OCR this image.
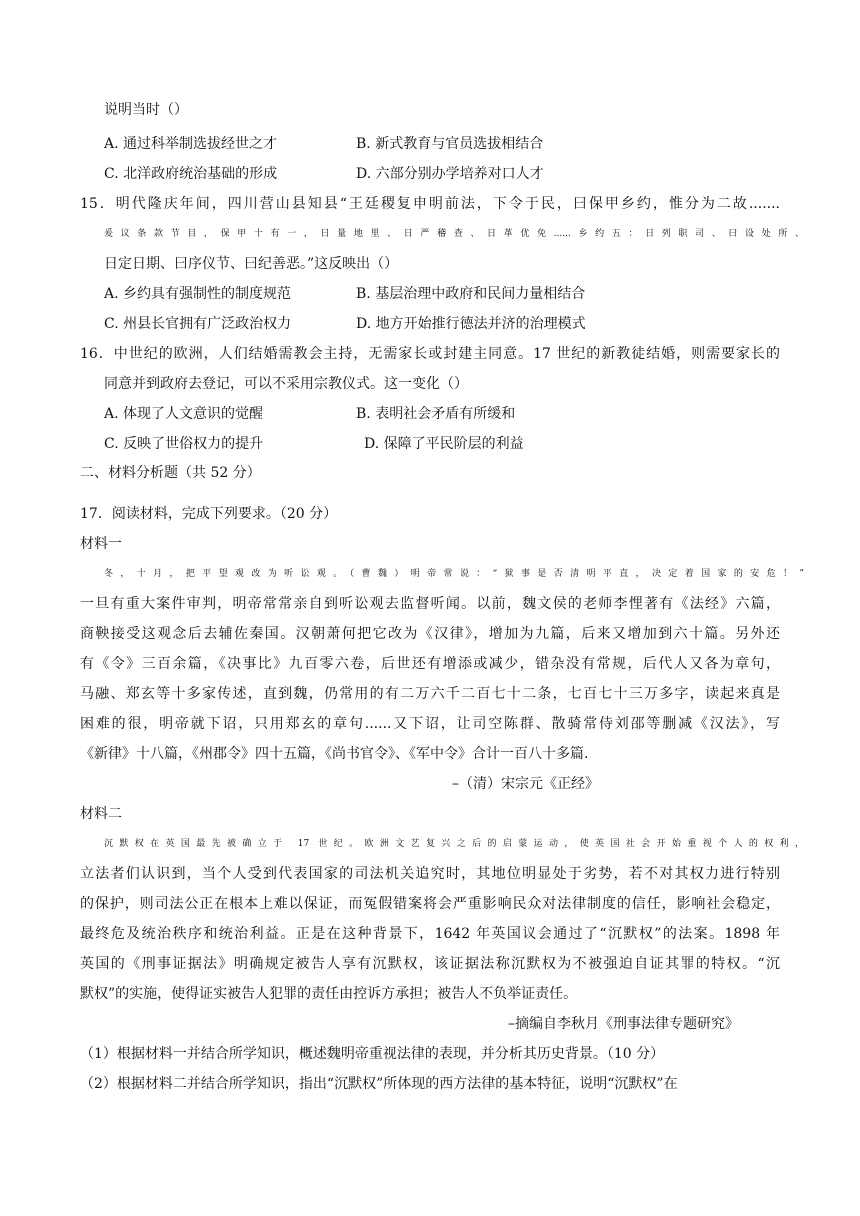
说明当时（）
A. 通过科举制选拔经世之才	B. 新式教育与官员选拔相结合
C. 北洋政府统治基础的形成	D. 六部分别办学培养对口人才
15．明代隆庆年间，四川营山县知县“王廷稷复申明前法，下令于民，曰保甲乡约，惟分为二故.......
爰议条款节目，保甲十有一，日量地里、日严稽查、日革优免......乡约五：日列职司、曰设处所、
日定日期、曰序仪节、曰纪善恶。”这反映出（）
A. 乡约具有强制性的制度规范	B. 基层治理中政府和民间力量相结合
C. 州县长官拥有广泛政治权力	D. 地方开始推行德法并济的治理模式
16．中世纪的欧洲，人们结婚需教会主持，无需家长或封建主同意。17 世纪的新教徒结婚，则需要家长的
同意并到政府去登记，可以不采用宗教仪式。这一变化（）
A. 体现了人文意识的觉醒	B. 表明社会矛盾有所缓和
C. 反映了世俗权力的提升	D. 保障了平民阶层的利益
二、材料分析题（共 52 分）
17．阅读材料，完成下列要求。（20 分）
材料一
冬，十月，把平望观改为听讼观。（曹魏）明帝常说：“狱事是否清明平直，决定着国家的安危！”
一旦有重大案件审判，明帝常常亲自到听讼观去监督听闻。以前，魏文侯的老师李悝著有《法经》六篇，
商鞅接受这观念后去辅佐秦国。汉朝萧何把它改为《汉律》，增加为九篇，后来又增加到六十篇。另外还
有《令》三百余篇，《决事比》九百零六卷，后世还有增添或减少，错杂没有常规，后代人又各为章句，
马融、郑玄等十多家传述，直到魏，仍常用的有二万六千二百七十二条，七百七十三万多字，读起来真是
困难的很，明帝就下诏，只用郑玄的章句......又下诏，让司空陈群、散骑常侍刘邵等删减《汉法》，写
《新律》十八篇，《州郡令》四十五篇，《尚书官令》、《军中令》合计一百八十多篇.
–（清）宋宗元《正经》
材料二
沉默权在英国最先被确立于 17 世纪。欧洲文艺复兴之后的启蒙运动，使英国社会开始重视个人的权利，
立法者们认识到，当个人受到代表国家的司法机关追究时，其地位明显处于劣势，若不对其权力进行特别
的保护，则司法公正在根本上难以保证，而冤假错案将会严重影响民众对法律制度的信任，影响社会稳定，
最终危及统治秩序和统治利益。正是在这种背景下，1642 年英国议会通过了“沉默权”的法案。1898 年
英国的《刑事证据法》明确规定被告人享有沉默权，该证据法称沉默权为不被强迫自证其罪的特权。“沉
默权”的实施，使得证实被告人犯罪的责任由控诉方承担；被告人不负举证责任。
–摘编自李秋月《刑事法律专题研究》
（1）根据材料一并结合所学知识，概述魏明帝重视法律的表现，并分析其历史背景。（10 分）
（2）根据材料二并结合所学知识，指出“沉默权”所体现的西方法律的基本特征，说明“沉默权”在
